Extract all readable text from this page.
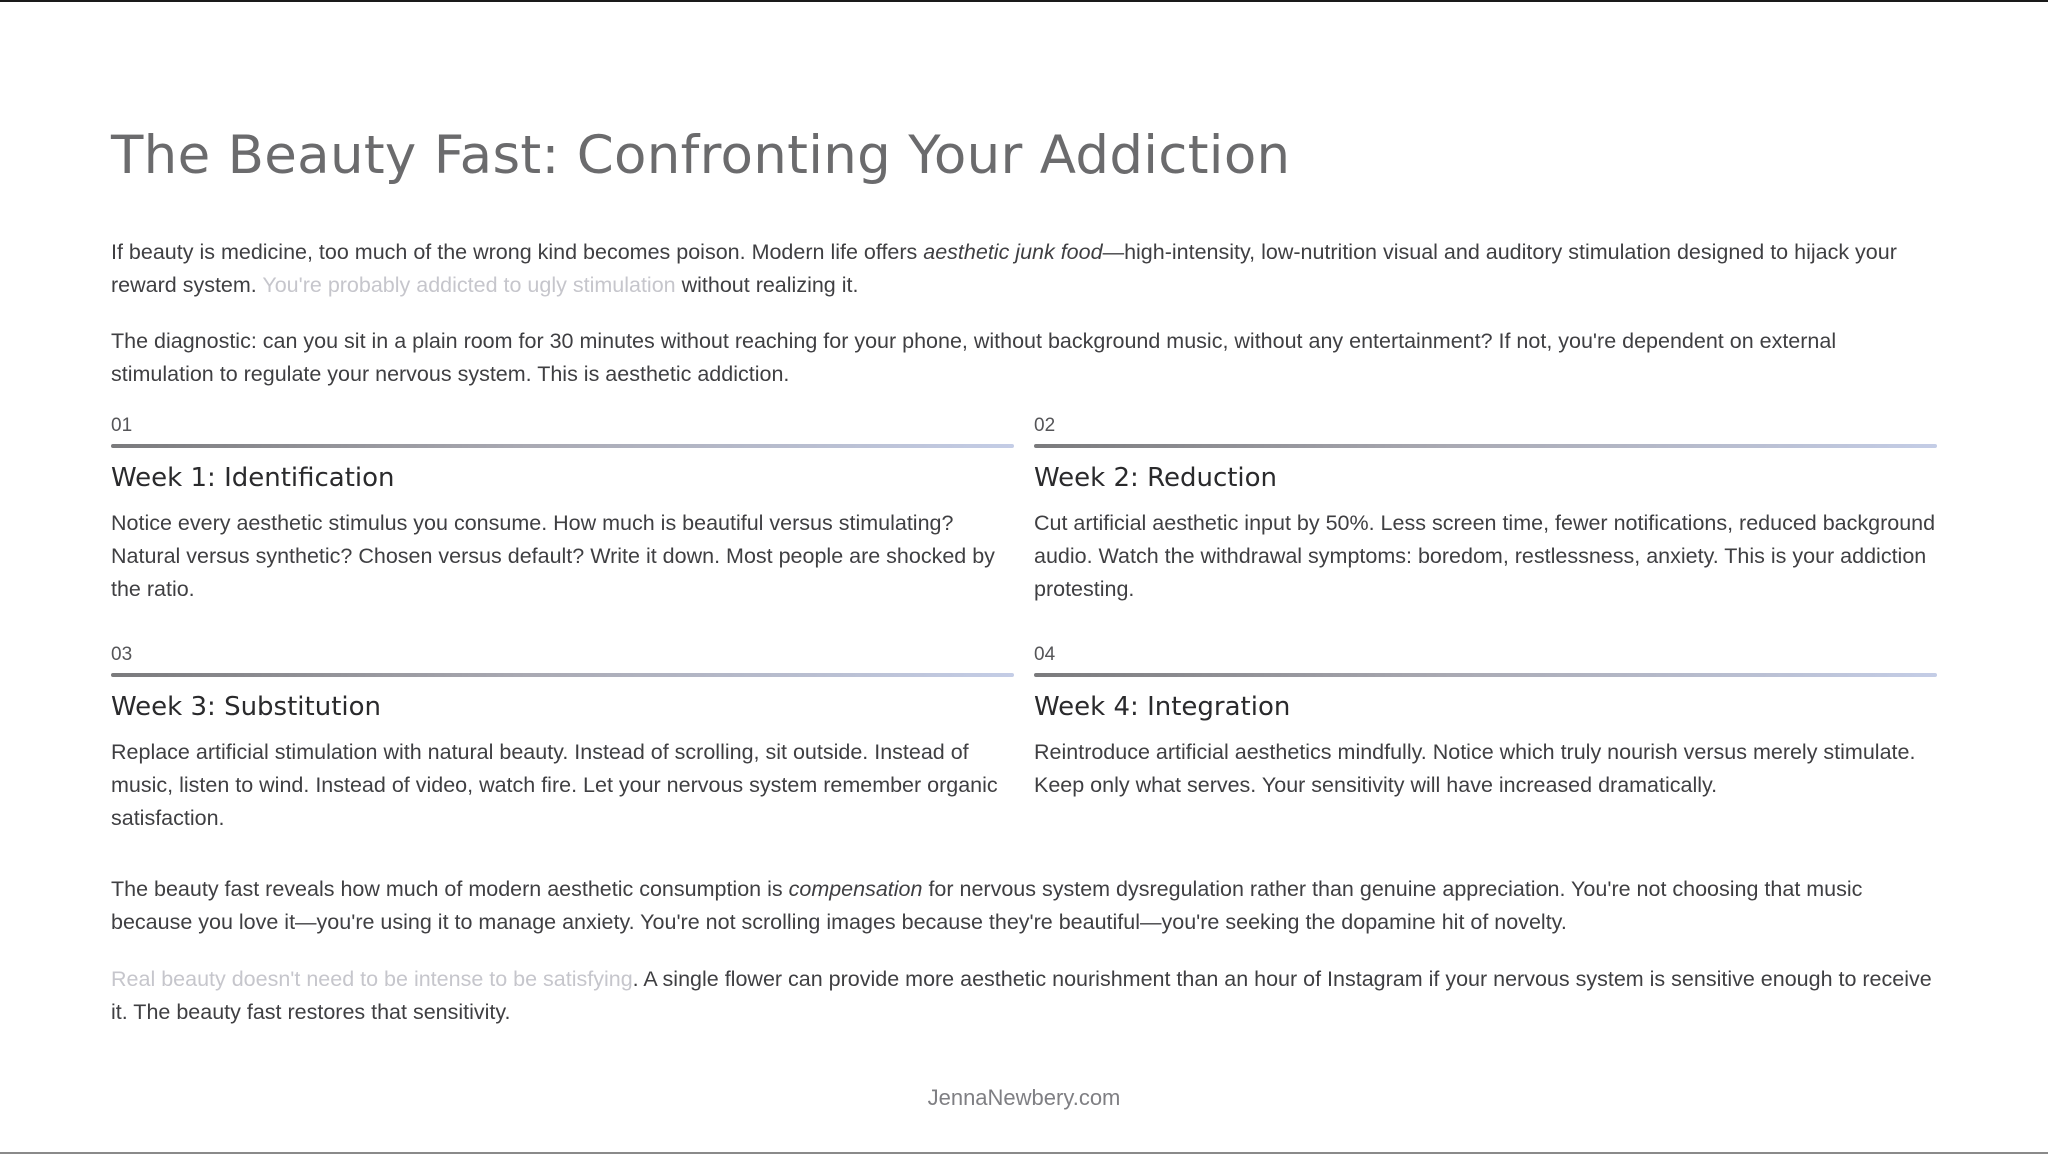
The Beauty Fast: Confronting Your Addiction

If beauty is medicine, too much of the wrong kind becomes poison. Modern life offers aesthetic junk food—high-intensity, low-nutrition visual and auditory stimulation designed to hijack your reward system. You're probably addicted to ugly stimulation without realizing it.

The diagnostic: can you sit in a plain room for 30 minutes without reaching for your phone, without background music, without any entertainment? If not, you're dependent on external stimulation to regulate your nervous system. This is aesthetic addiction.

01
Week 1: Identification

Notice every aesthetic stimulus you consume. How much is beautiful versus stimulating? Natural versus synthetic? Chosen versus default? Write it down. Most people are shocked by the ratio.

02
Week 2: Reduction

Cut artificial aesthetic input by 50%. Less screen time, fewer notifications, reduced background audio. Watch the withdrawal symptoms: boredom, restlessness, anxiety. This is your addiction protesting.

03
Week 3: Substitution

Replace artificial stimulation with natural beauty. Instead of scrolling, sit outside. Instead of music, listen to wind. Instead of video, watch fire. Let your nervous system remember organic satisfaction.

04
Week 4: Integration

Reintroduce artificial aesthetics mindfully. Notice which truly nourish versus merely stimulate. Keep only what serves. Your sensitivity will have increased dramatically.

The beauty fast reveals how much of modern aesthetic consumption is compensation for nervous system dysregulation rather than genuine appreciation. You're not choosing that music because you love it—you're using it to manage anxiety. You're not scrolling images because they're beautiful—you're seeking the dopamine hit of novelty.

Real beauty doesn't need to be intense to be satisfying. A single flower can provide more aesthetic nourishment than an hour of Instagram if your nervous system is sensitive enough to receive it. The beauty fast restores that sensitivity.

JennaNewbery.com
